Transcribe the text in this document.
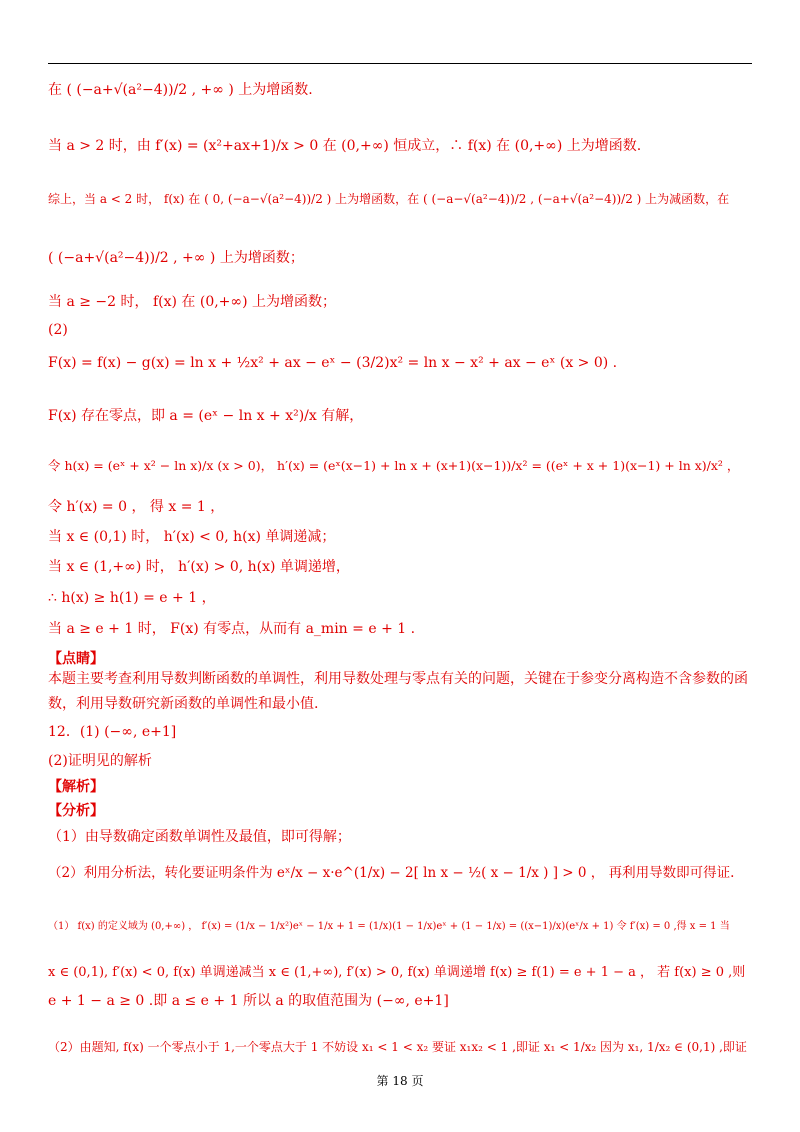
在 ( (−a+√(a²−4))/2 , +∞ ) 上为增函数.
当 a > 2 时，由 f′(x) = (x²+ax+1)/x > 0 在 (0,+∞) 恒成立，∴ f(x) 在 (0,+∞) 上为增函数.
综上，当 a < 2 时， f(x) 在 ( 0, (−a−√(a²−4))/2 ) 上为增函数，在 ( (−a−√(a²−4))/2 , (−a+√(a²−4))/2 ) 上为减函数，在
( (−a+√(a²−4))/2 , +∞ ) 上为增函数；
当 a ≥ −2 时， f(x) 在 (0,+∞) 上为增函数；
(2)
F(x) = f(x) − g(x) = ln x + ½x² + ax − eˣ − (3/2)x² = ln x − x² + ax − eˣ (x > 0) .
F(x) 存在零点，即 a = (eˣ − ln x + x²)/x 有解，
令 h(x) = (eˣ + x² − ln x)/x (x > 0)， h′(x) = (eˣ(x−1) + ln x + (x+1)(x−1))/x² = ((eˣ + x + 1)(x−1) + ln x)/x² ，
令 h′(x) = 0 ， 得 x = 1 ，
当 x ∈ (0,1) 时， h′(x) < 0, h(x) 单调递减；
当 x ∈ (1,+∞) 时， h′(x) > 0, h(x) 单调递增，
∴ h(x) ≥ h(1) = e + 1 ，
当 a ≥ e + 1 时， F(x) 有零点，从而有 a_min = e + 1 .
【点睛】
本题主要考查利用导数判断函数的单调性，利用导数处理与零点有关的问题，关键在于参变分离构造不含参数的函数，利用导数研究新函数的单调性和最小值.
12．(1) (−∞, e+1]
(2)证明见的解析
【解析】
【分析】
（1）由导数确定函数单调性及最值，即可得解；
（2）利用分析法，转化要证明条件为 eˣ/x − x·e^(1/x) − 2[ ln x − ½( x − 1/x ) ] > 0 ， 再利用导数即可得证.
（1） f(x) 的定义域为 (0,+∞) ， f′(x) = (1/x − 1/x²)eˣ − 1/x + 1 = (1/x)(1 − 1/x)eˣ + (1 − 1/x) = ((x−1)/x)(eˣ/x + 1) 令 f′(x) = 0 ,得 x = 1 当
x ∈ (0,1), f′(x) < 0, f(x) 单调递减当 x ∈ (1,+∞), f′(x) > 0, f(x) 单调递增 f(x) ≥ f(1) = e + 1 − a ， 若 f(x) ≥ 0 ,则
e + 1 − a ≥ 0 .即 a ≤ e + 1 所以 a 的取值范围为 (−∞, e+1]
（2）由题知, f(x) 一个零点小于 1,一个零点大于 1 不妨设 x₁ < 1 < x₂ 要证 x₁x₂ < 1 ,即证 x₁ < 1/x₂ 因为 x₁, 1/x₂ ∈ (0,1) ,即证
第 18 页
